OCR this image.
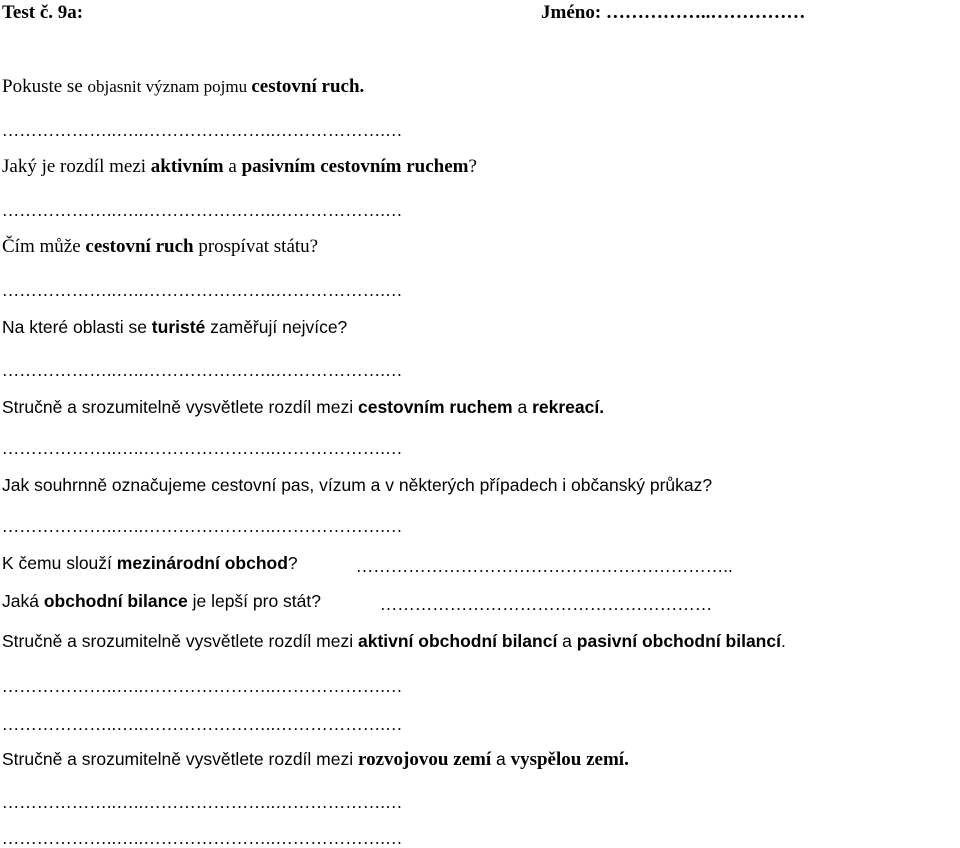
Test č. 9a:	Jméno: ……………..……………
Pokuste se objasnit význam pojmu cestovní ruch.
………………..…..…………………..……………….…
Jaký je rozdíl mezi aktivním a pasivním cestovním ruchem?
………………..…..…………………..……………….…
Čím může cestovní ruch prospívat státu?
………………..…..…………………..……………….…
Na které oblasti se turisté zaměřují nejvíce?
………………..…..…………………..……………….…
Stručně a srozumitelně vysvětlete rozdíl mezi cestovním ruchem a rekreací.
………………..…..…………………..……………….…
Jak souhrnně označujeme cestovní pas, vízum a v některých případech i občanský průkaz?
………………..…..…………………..……………….…
K čemu slouží mezinárodní obchod?	………………………………………………………..
Jaká obchodní bilance je lepší pro stát?	…………………………………………………
Stručně a srozumitelně vysvětlete rozdíl mezi aktivní obchodní bilancí a pasivní obchodní bilancí.
………………..…..…………………..……………….…
………………..…..…………………..……………….…
Stručně a srozumitelně vysvětlete rozdíl mezi rozvojovou zemí a vyspělou zemí.
………………..…..…………………..……………….…
………………..…..…………………..……………….…
